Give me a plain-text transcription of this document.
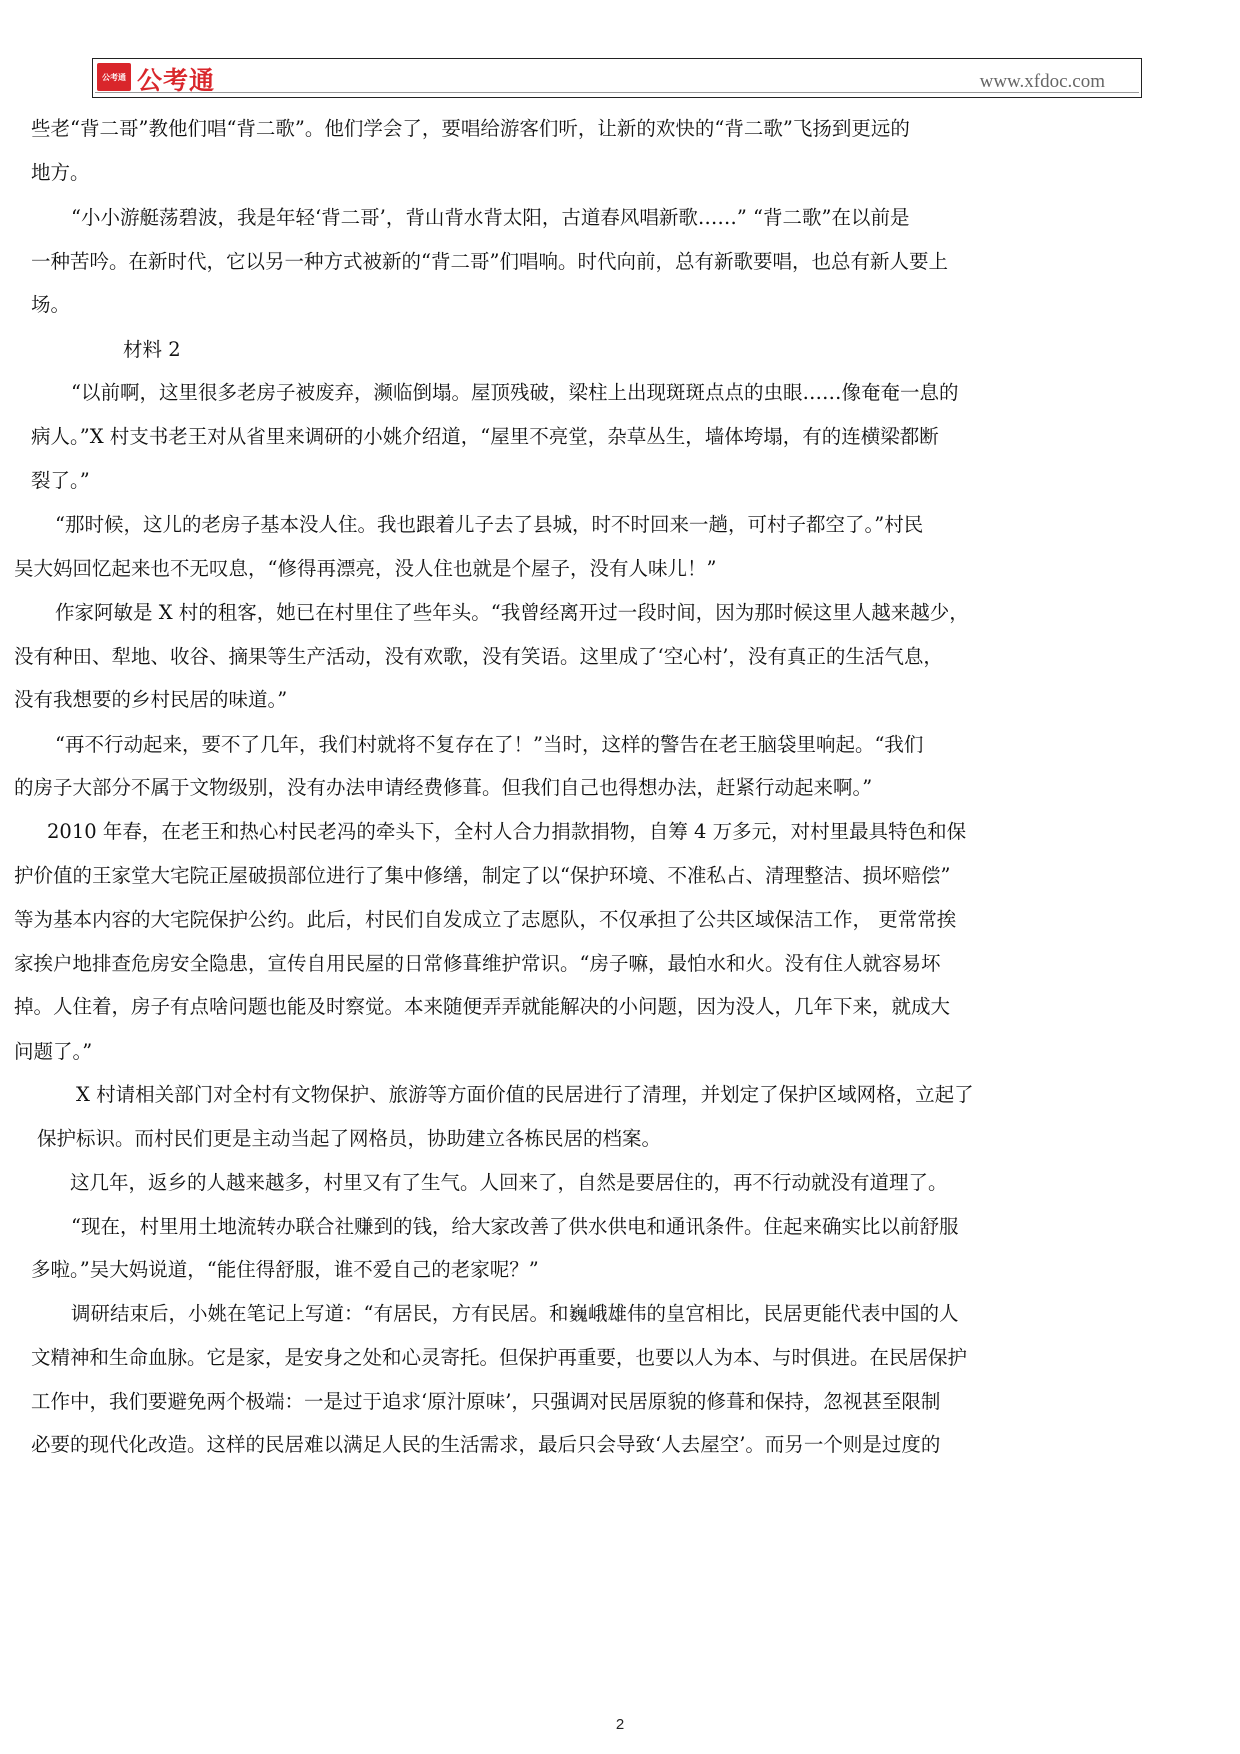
公考通 公考通	www.xfdoc.com
些老“背二哥”教他们唱“背二歌”。他们学会了，要唱给游客们听，让新的欢快的“背二歌”飞扬到更远的
地方。
“小小游艇荡碧波，我是年轻‘背二哥’，背山背水背太阳，古道春风唱新歌……” “背二歌”在以前是
一种苦吟。在新时代，它以另一种方式被新的“背二哥”们唱响。时代向前，总有新歌要唱，也总有新人要上
场。
材料 2
“以前啊，这里很多老房子被废弃，濒临倒塌。屋顶残破，梁柱上出现斑斑点点的虫眼……像奄奄一息的
病人。”X 村支书老王对从省里来调研的小姚介绍道，“屋里不亮堂，杂草丛生，墙体垮塌，有的连横梁都断
裂了。”
“那时候，这儿的老房子基本没人住。我也跟着儿子去了县城，时不时回来一趟，可村子都空了。”村民
吴大妈回忆起来也不无叹息，“修得再漂亮，没人住也就是个屋子，没有人味儿！”
作家阿敏是 X 村的租客，她已在村里住了些年头。“我曾经离开过一段时间，因为那时候这里人越来越少，
没有种田、犁地、收谷、摘果等生产活动，没有欢歌，没有笑语。这里成了‘空心村’，没有真正的生活气息，
没有我想要的乡村民居的味道。”
“再不行动起来，要不了几年，我们村就将不复存在了！”当时，这样的警告在老王脑袋里响起。“我们
的房子大部分不属于文物级别，没有办法申请经费修葺。但我们自己也得想办法，赶紧行动起来啊。”
2010 年春，在老王和热心村民老冯的牵头下，全村人合力捐款捐物，自筹 4 万多元，对村里最具特色和保
护价值的王家堂大宅院正屋破损部位进行了集中修缮，制定了以“保护环境、不准私占、清理整洁、损坏赔偿”
等为基本内容的大宅院保护公约。此后，村民们自发成立了志愿队，不仅承担了公共区域保洁工作， 更常常挨
家挨户地排查危房安全隐患，宣传自用民屋的日常修葺维护常识。“房子嘛，最怕水和火。没有住人就容易坏
掉。人住着，房子有点啥问题也能及时察觉。本来随便弄弄就能解决的小问题，因为没人，几年下来，就成大
问题了。”
X 村请相关部门对全村有文物保护、旅游等方面价值的民居进行了清理，并划定了保护区域网格，立起了
保护标识。而村民们更是主动当起了网格员，协助建立各栋民居的档案。
这几年，返乡的人越来越多，村里又有了生气。人回来了，自然是要居住的，再不行动就没有道理了。
“现在，村里用土地流转办联合社赚到的钱，给大家改善了供水供电和通讯条件。住起来确实比以前舒服
多啦。”吴大妈说道，“能住得舒服，谁不爱自己的老家呢？”
调研结束后，小姚在笔记上写道：“有居民，方有民居。和巍峨雄伟的皇宫相比，民居更能代表中国的人
文精神和生命血脉。它是家，是安身之处和心灵寄托。但保护再重要，也要以人为本、与时俱进。在民居保护
工作中，我们要避免两个极端：一是过于追求‘原汁原味’，只强调对民居原貌的修葺和保持，忽视甚至限制
必要的现代化改造。这样的民居难以满足人民的生活需求，最后只会导致‘人去屋空’。而另一个则是过度的
2
